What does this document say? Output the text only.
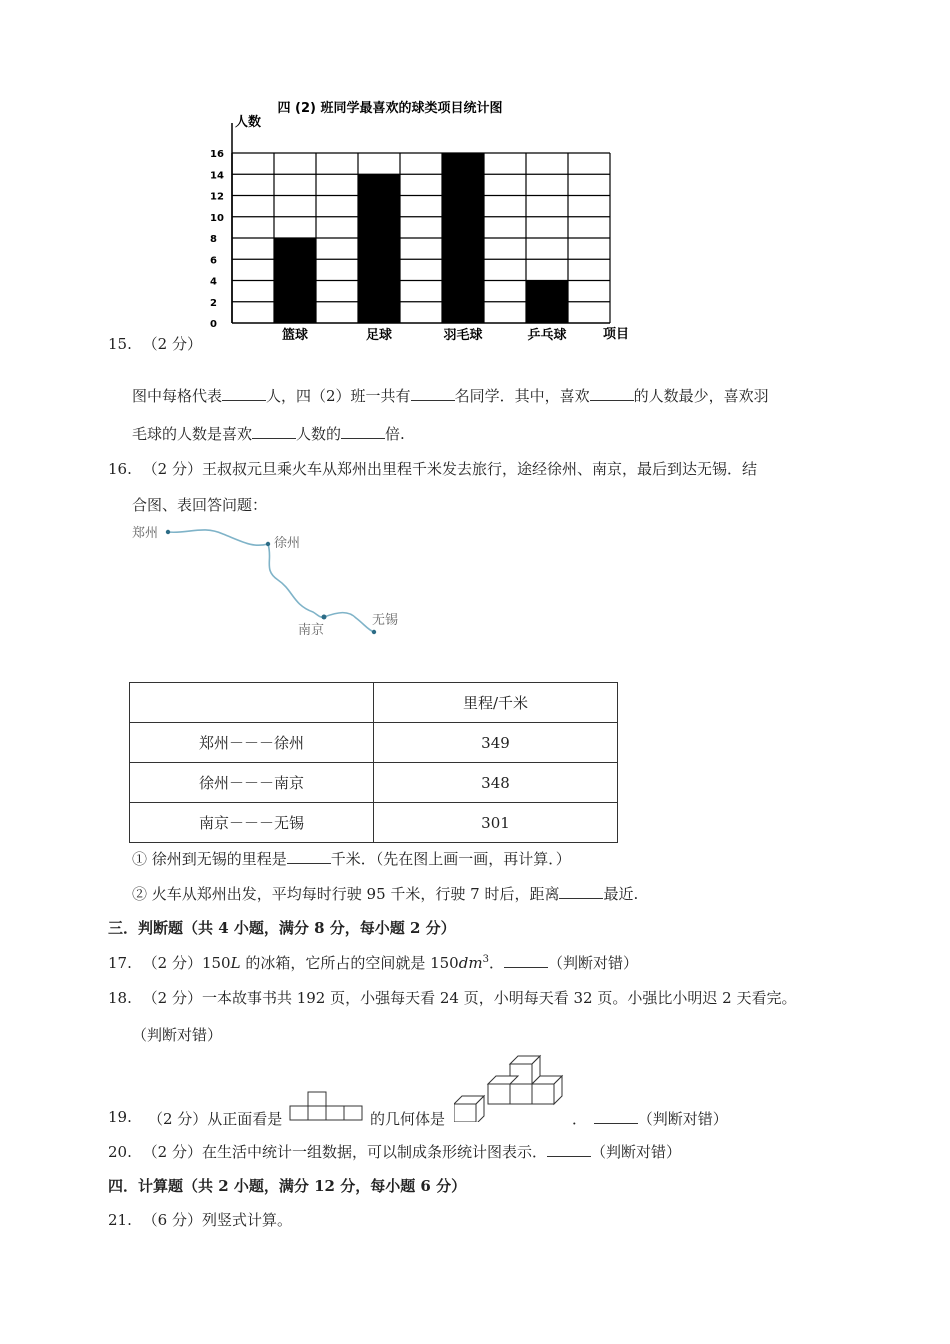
四 (2) 班同学最喜欢的球类项目统计图
人数
项目
0
2
4
6
8
10
12
14
16
篮球	足球	羽毛球	乒乓球
15. （2 分）
图中每格代表	人，四（2）班一共有	名同学．其中，喜欢	的人数最少，喜欢羽
毛球的人数是喜欢	人数的	倍.
16. （2 分）王叔叔元旦乘火车从郑州出里程千米发去旅行，途经徐州、南京，最后到达无锡．结
合图、表回答问题：
郑州
徐州
南京
无锡
	里程/千米
郑州－－－徐州	349
徐州－－－南京	348
南京－－－无锡	301
① 徐州到无锡的里程是	千米．（先在图上画一画，再计算．）
② 火车从郑州出发，平均每时行驶 95 千米，行驶 7 时后，距离	最近.
三．判断题（共 4 小题，满分 8 分，每小题 2 分）
17. （2 分）150L 的冰箱，它所占的空间就是 $150dm^3$．	（判断对错）
18. （2 分）一本故事书共 192 页，小强每天看 24 页，小明每天看 32 页。小强比小明迟 2 天看完。
（判断对错）
19. （2 分）从正面看是	的几何体是	．	（判断对错）
20. （2 分）在生活中统计一组数据，可以制成条形统计图表示．	（判断对错）
四．计算题（共 2 小题，满分 12 分，每小题 6 分）
21. （6 分）列竖式计算。
